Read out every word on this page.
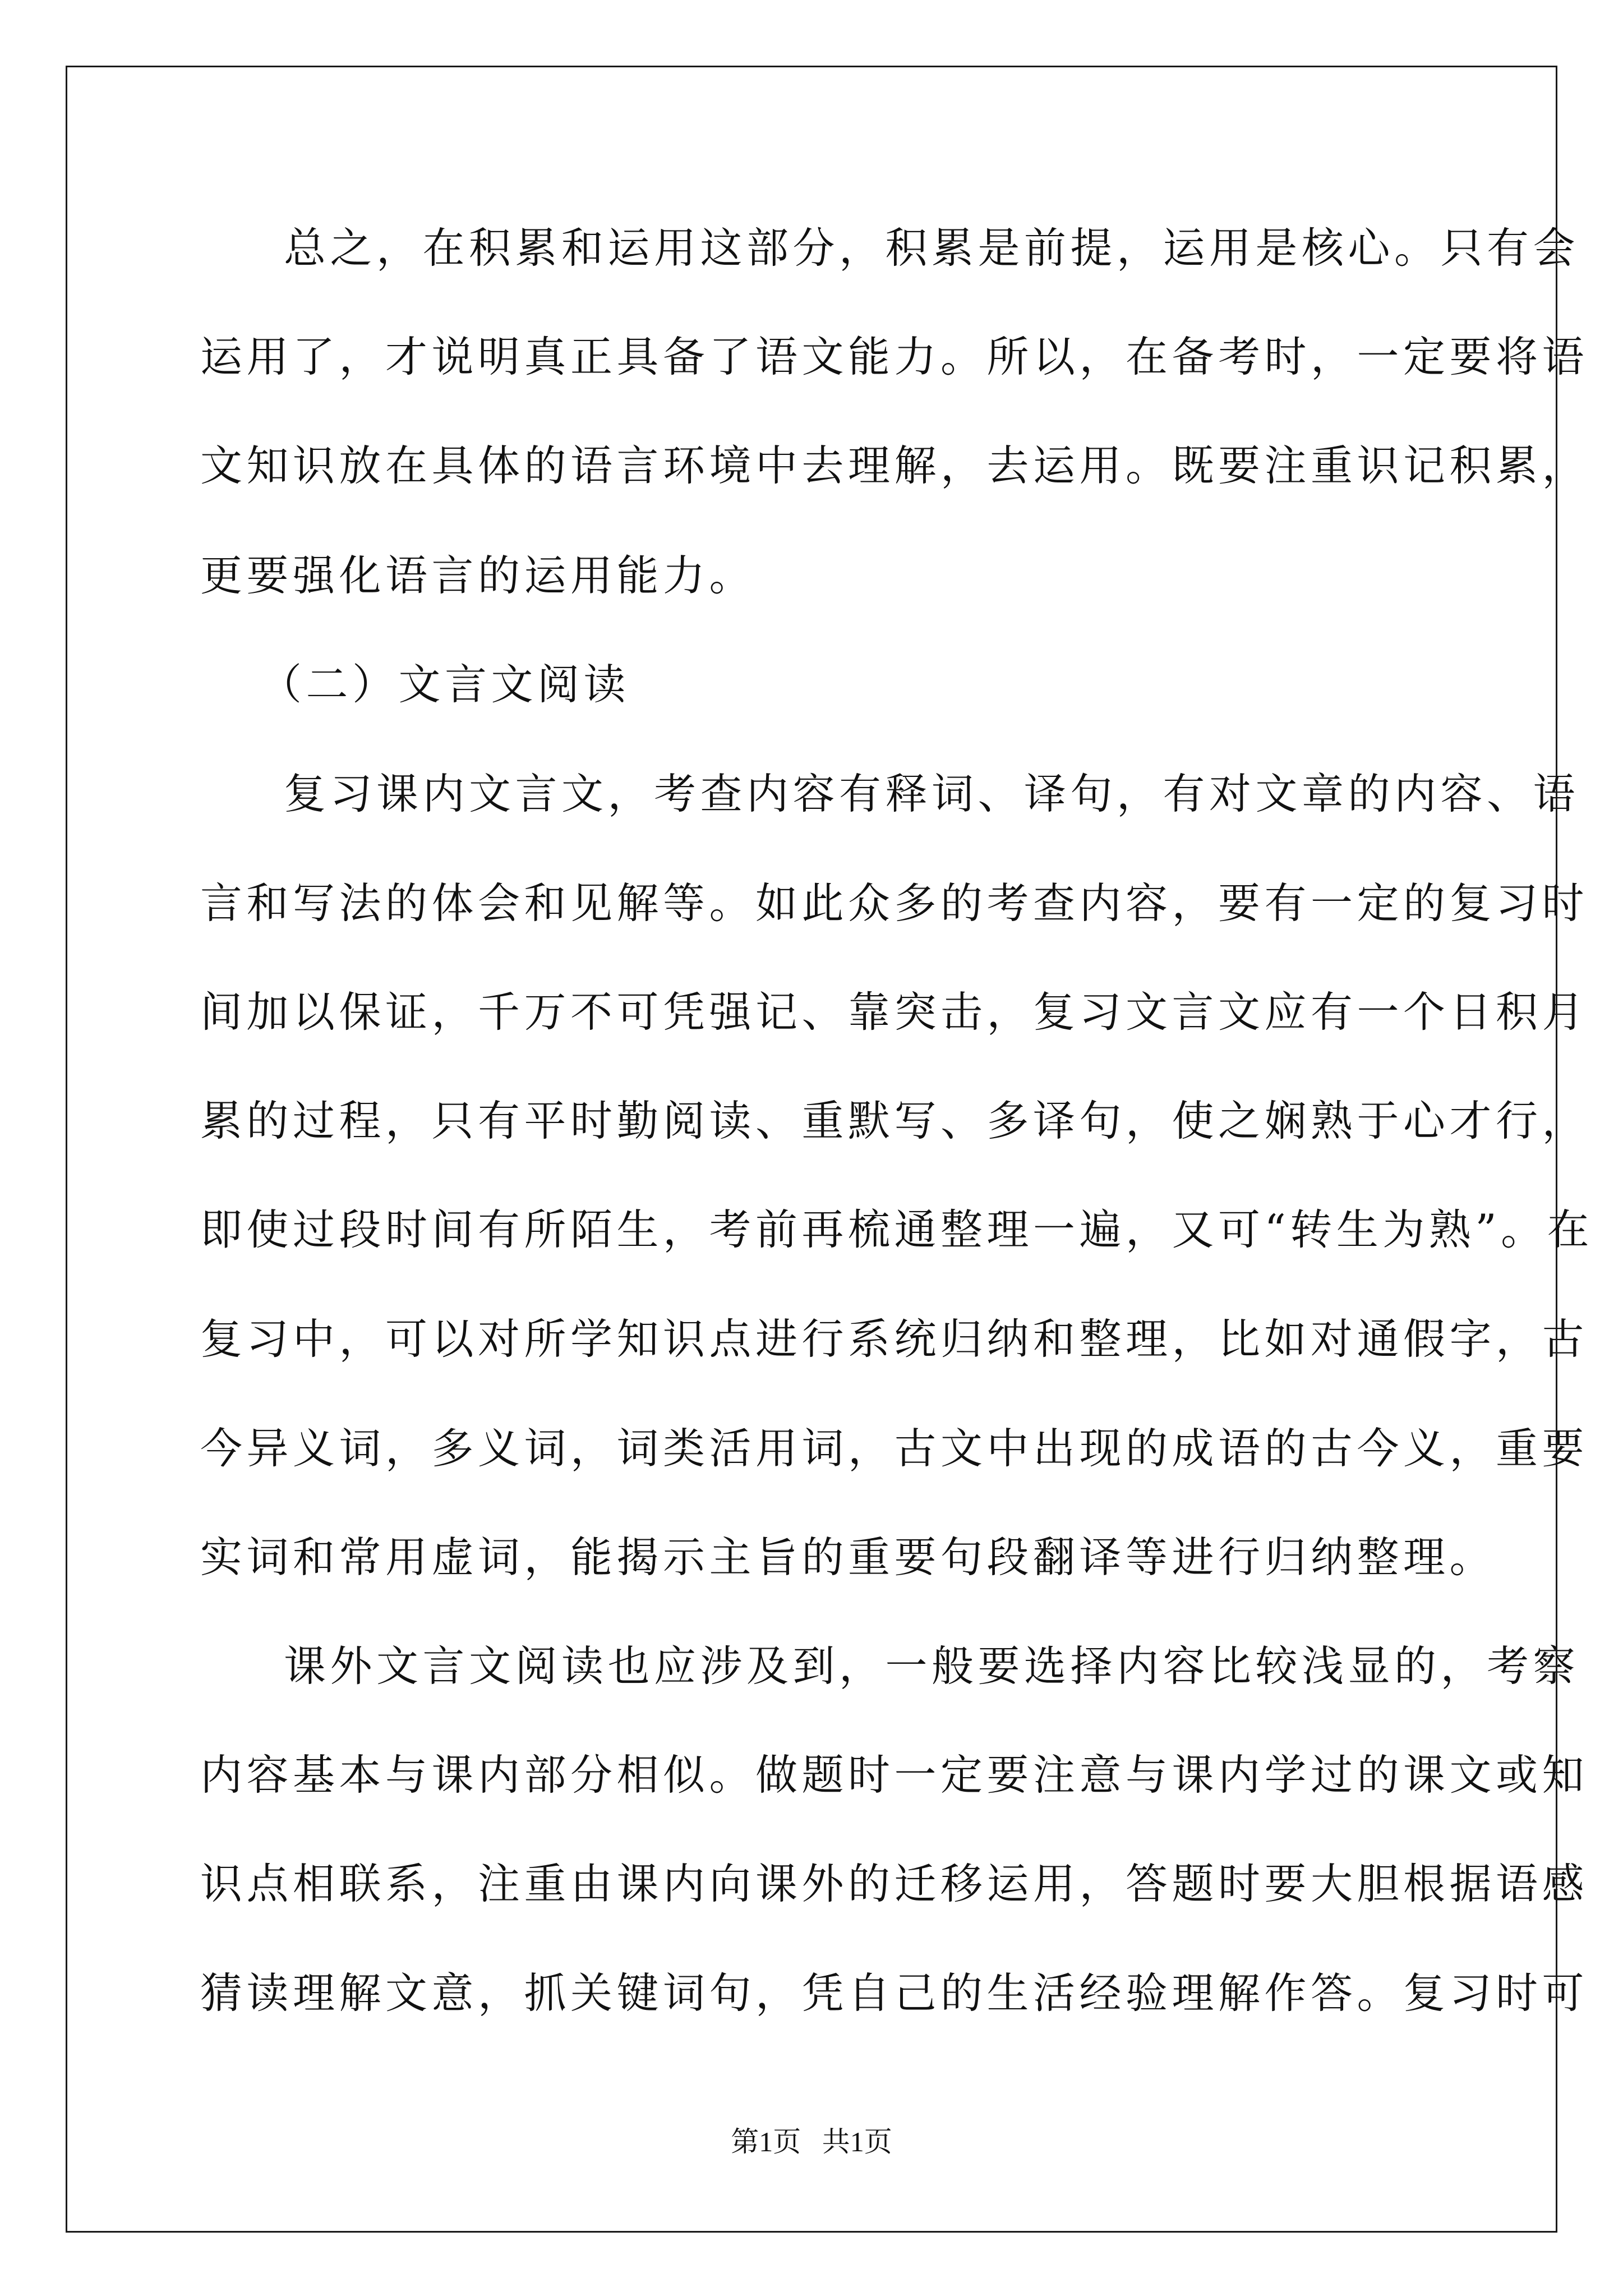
总之，在积累和运用这部分，积累是前提，运用是核心。只有会
运用了，才说明真正具备了语文能力。所以，在备考时，一定要将语
文知识放在具体的语言环境中去理解，去运用。既要注重识记积累，
更要强化语言的运用能力。
（二）文言文阅读
复习课内文言文，考查内容有释词、译句，有对文章的内容、语
言和写法的体会和见解等。如此众多的考查内容，要有一定的复习时
间加以保证，千万不可凭强记、靠突击，复习文言文应有一个日积月
累的过程，只有平时勤阅读、重默写、多译句，使之娴熟于心才行，
即使过段时间有所陌生，考前再梳通整理一遍，又可“转生为熟”。在
复习中，可以对所学知识点进行系统归纳和整理，比如对通假字，古
今异义词，多义词，词类活用词，古文中出现的成语的古今义，重要
实词和常用虚词，能揭示主旨的重要句段翻译等进行归纳整理。
课外文言文阅读也应涉及到，一般要选择内容比较浅显的，考察
内容基本与课内部分相似。做题时一定要注意与课内学过的课文或知
识点相联系，注重由课内向课外的迁移运用，答题时要大胆根据语感
猜读理解文意，抓关键词句，凭自己的生活经验理解作答。复习时可
第1页 共1页
